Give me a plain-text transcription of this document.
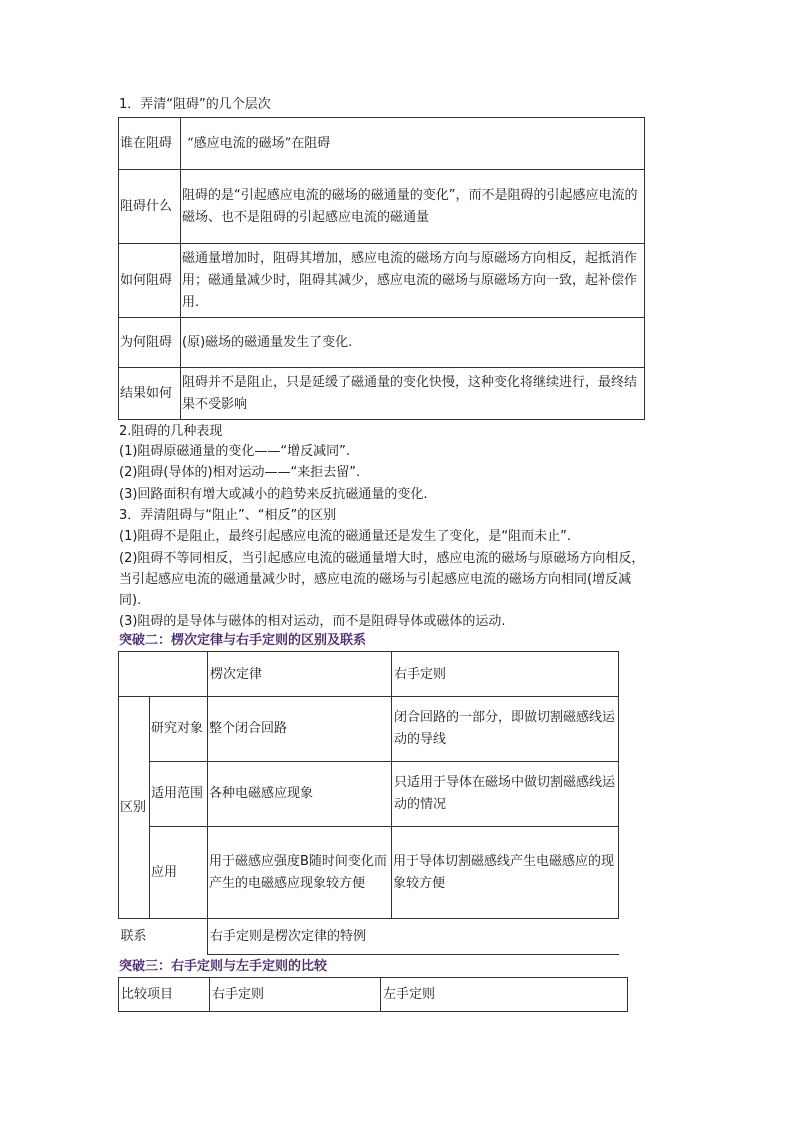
1．弄清“阻碍”的几个层次
谁在阻碍	“感应电流的磁场”在阻碍
阻碍什么	阻碍的是“引起感应电流的磁场的磁通量的变化”，而不是阻碍的引起感应电流的磁场、也不是阻碍的引起感应电流的磁通量
如何阻碍	磁通量增加时，阻碍其增加，感应电流的磁场方向与原磁场方向相反，起抵消作用；磁通量减少时，阻碍其减少，感应电流的磁场与原磁场方向一致，起补偿作用.
为何阻碍	(原)磁场的磁通量发生了变化.
结果如何	阻碍并不是阻止，只是延缓了磁通量的变化快慢，这种变化将继续进行，最终结果不受影响
2.阻碍的几种表现
(1)阻碍原磁通量的变化——“增反减同”.
(2)阻碍(导体的)相对运动——“来拒去留”.
(3)回路面积有增大或减小的趋势来反抗磁通量的变化.
3．弄清阻碍与“阻止”、“相反”的区别
(1)阻碍不是阻止，最终引起感应电流的磁通量还是发生了变化，是“阻而未止”.
(2)阻碍不等同相反，当引起感应电流的磁通量增大时，感应电流的磁场与原磁场方向相反，
当引起感应电流的磁通量减少时，感应电流的磁场与引起感应电流的磁场方向相同(增反减
同).
(3)阻碍的是导体与磁体的相对运动，而不是阻碍导体或磁体的运动.
突破二：楞次定律与右手定则的区别及联系
		楞次定律	右手定则
区别	研究对象	整个闭合回路	闭合回路的一部分，即做切割磁感线运动的导线
	适用范围	各种电磁感应现象	只适用于导体在磁场中做切割磁感线运动的情况
	应用	用于磁感应强度B随时间变化而产生的电磁感应现象较方便	用于导体切割磁感线产生电磁感应的现象较方便
联系		右手定则是楞次定律的特例	
突破三：右手定则与左手定则的比较
比较项目	右手定则	左手定则
